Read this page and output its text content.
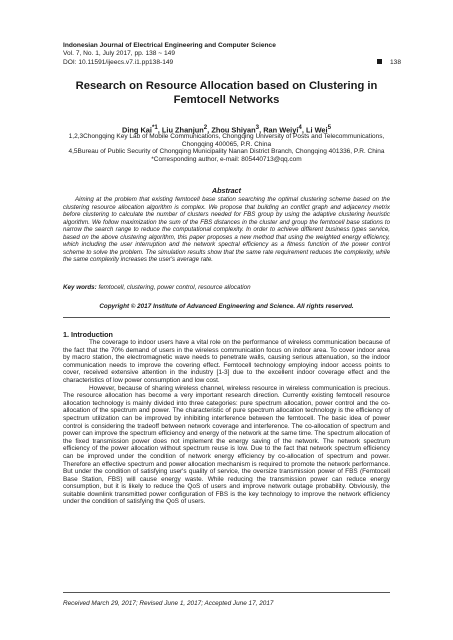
Indonesian Journal of Electrical Engineering and Computer Science
Vol. 7, No. 1, July 2017, pp. 138 ~ 149
DOI: 10.11591/ijeecs.v7.i1.pp138-149	138
Research on Resource Allocation based on Clustering in Femtocell Networks
Ding Kai$^{*1}$, Liu Zhanjun$^2$, Zhou Shiyan$^3$, Ran Weiyi$^4$, Li Wei$^5$
1,2,3Chongqing Key Lab of Mobile Communications, Chongqing University of Posts and Telecommunications, Chongqing 400065, P.R. China
4,5Bureau of Public Security of Chongqing Municipality Nanan District Branch, Chongqing 401336, P.R. China
*Corresponding author, e-mail: 805440713@qq.com
Abstract

Aiming at the problem that existing femtocell base station searching the optimal clustering scheme based on the clustering resource allocation algorithm is complex. We propose that building an conflict graph and adjacency metrix before clustering to calculate the number of clusters needed for FBS group by using the adaptive clustering heuristic algorithm. We follow maximization the sum of the FBS distances in the cluster and group the femtocell base stations to narrow the search range to reduce the computational complexity. In order to achieve different business types service, based on the above clustering algorithm, this paper proposes a new method that using the weighted energy efficiency, which including the user interruption and the network spectral efficiency as a fitness function of the power control scheme to solve the problem. The simulation results show that the same rate requirement reduces the complexity, while the same complexity increases the user's average rate.

Key words: femtocell, clustering, power control, resource allocation
Copyright © 2017 Institute of Advanced Engineering and Science. All rights reserved.
1. Introduction

The coverage to indoor users have a vital role on the performance of wireless communication because of the fact that the 70% demand of users in the wireless communication focus on indoor area. To cover indoor area by macro station, the electromagnetic wave needs to penetrate walls, causing serious attenuation, so the indoor communication needs to improve the covering effect. Femtocell technology employing indoor access points to cover, received extensive attention in the industry [1-3] due to the excellent indoor coverage effect and the characteristics of low power consumption and low cost.

However, because of sharing wireless channel, wireless resource in wireless communication is precious. The resource allocation has become a very important research direction. Currently existing femtocell resource allocation technology is mainly divided into three categories: pure spectrum allocation, power control and the co-allocation of the spectrum and power. The characteristic of pure spectrum allocation technology is the efficiency of spectrum utilization can be improved by inhibiting interference between the femtocell. The basic idea of power control is considering the tradeoff between network coverage and interference. The co-allocation of spectrum and power can improve the spectrum efficiency and energy of the network at the same time. The spectrum allocation of the fixed transmission power does not implement the energy saving of the network. The network spectrum efficiency of the power allocation without spectrum reuse is low. Due to the fact that network spectrum efficiency can be improved under the condition of network energy efficiency by co-allocation of spectrum and power. Therefore an effective spectrum and power allocation mechanism is required to promote the network performance. But under the condition of satisfying user's quality of service, the oversize transmission power of FBS (Femtocell Base Station, FBS) will cause energy waste. While reducing the transmission power can reduce energy consumption, but it is likely to reduce the QoS of users and improve network outage probability. Obviously, the suitable downlink transmitted power configuration of FBS is the key technology to improve the network efficiency under the condition of satisfying the QoS of users.

Received March 29, 2017; Revised June 1, 2017; Accepted June 17, 2017
